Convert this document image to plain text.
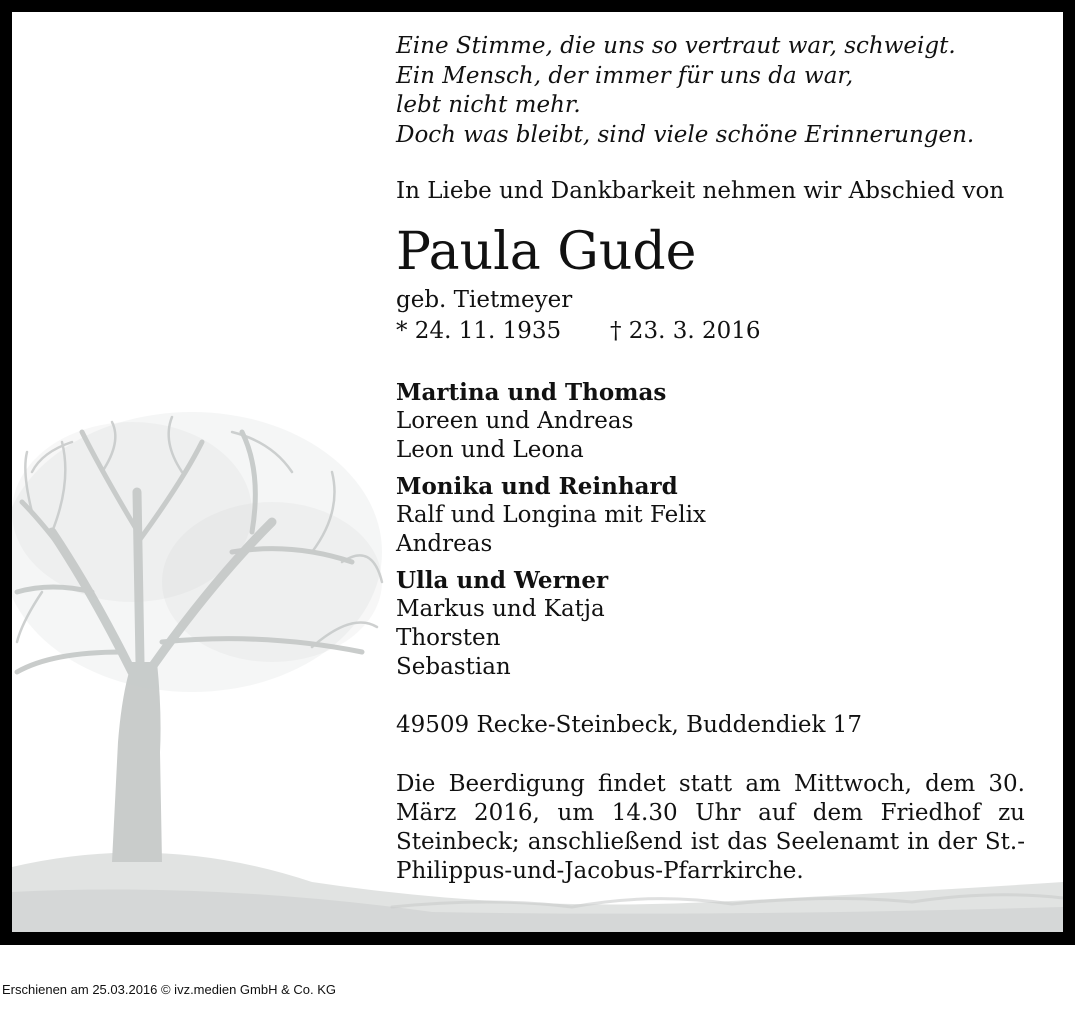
Eine Stimme, die uns so vertraut war, schweigt.
Ein Mensch, der immer für uns da war,
lebt nicht mehr.
Doch was bleibt, sind viele schöne Erinnerungen.
In Liebe und Dankbarkeit nehmen wir Abschied von
Paula Gude
geb. Tietmeyer
* 24. 11. 1935 † 23. 3. 2016
Martina und Thomas
Loreen und Andreas
Leon und Leona
Monika und Reinhard
Ralf und Longina mit Felix
Andreas
Ulla und Werner
Markus und Katja
Thorsten
Sebastian
49509 Recke-Steinbeck, Buddendiek 17
Die Beerdigung findet statt am Mittwoch, dem 30. März 2016, um 14.30 Uhr auf dem Friedhof zu Steinbeck; anschließend ist das Seelenamt in der St.-Philippus-und-Jacobus-Pfarrkirche.
Erschienen am 25.03.2016 © ivz.medien GmbH & Co. KG
